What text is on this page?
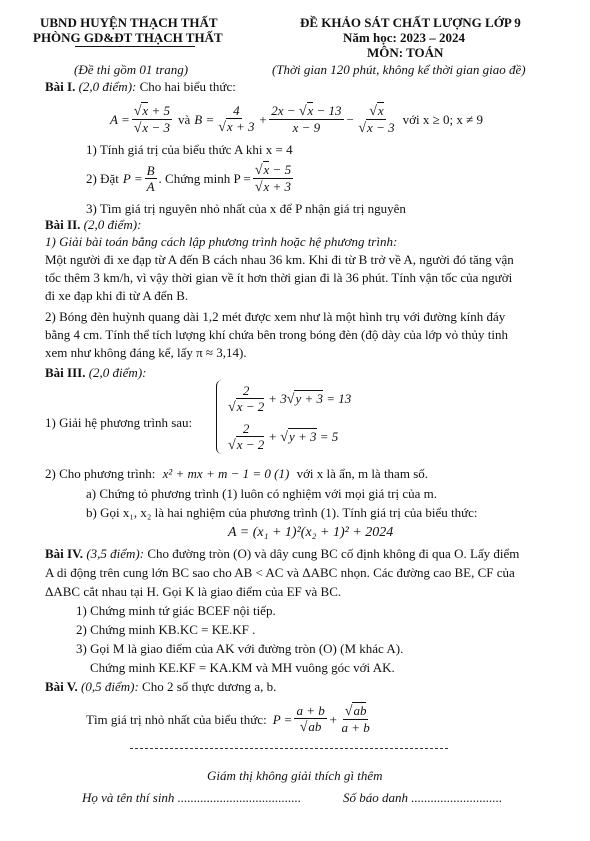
UBND HUYỆN THẠCH THẤT
PHÒNG GD&ĐT THẠCH THẤT
ĐỀ KHẢO SÁT CHẤT LƯỢNG LỚP 9
Năm học: 2023 – 2024
MÔN: TOÁN
(Đề thi gồm 01 trang)	(Thời gian 120 phút, không kể thời gian giao đề)
Bài I. (2,0 điểm): Cho hai biểu thức:
$A = \frac{√x + 5}{√x - 3}$ và $B = \frac{4}{√x + 3} + \frac{2x - √x - 13}{x - 9} - \frac{√x}{√x - 3}$ với x ≥ 0; x ≠ 9
1) Tính giá trị của biểu thức A khi x = 4
2) Đặt $P = \frac{B}{A}$ . Chứng minh $P = \frac{√x - 5}{√x + 3}$
3) Tìm giá trị nguyên nhỏ nhất của x để P nhận giá trị nguyên
Bài II. (2,0 điểm):
1) Giải bài toán bằng cách lập phương trình hoặc hệ phương trình:
Một người đi xe đạp từ A đến B cách nhau 36 km. Khi đi từ B trở về A, người đó tăng vận
tốc thêm 3 km/h, vì vậy thời gian về ít hơn thời gian đi là 36 phút. Tính vận tốc của người
đi xe đạp khi đi từ A đến B.
2) Bóng đèn huỳnh quang dài 1,2 mét được xem như là một hình trụ với đường kính đáy
bằng 4 cm. Tính thể tích lượng khí chứa bên trong bóng đèn (độ dày của lớp vỏ thủy tinh
xem như không đáng kể, lấy π ≈ 3,14).
Bài III. (2,0 điểm):
1) Giải hệ phương trình sau:
$\frac{2}{√x - 2} + 3√y + 3 = 13$
$\frac{2}{√x - 2} + √y + 3 = 5$
2) Cho phương trình: x² + mx + m − 1 = 0 (1) với x là ẩn, m là tham số.
a) Chứng tỏ phương trình (1) luôn có nghiệm với mọi giá trị của m.
b) Gọi x₁, x₂ là hai nghiệm của phương trình (1). Tính giá trị của biểu thức:
A = (x₁ + 1)²(x₂ + 1)² + 2024
Bài IV. (3,5 điểm): Cho đường tròn (O) và dây cung BC cố định không đi qua O. Lấy điểm
A di động trên cung lớn BC sao cho AB < AC và ΔABC nhọn. Các đường cao BE, CF của
ΔABC cắt nhau tại H. Gọi K là giao điểm của EF và BC.
1) Chứng minh tứ giác BCEF nội tiếp.
2) Chứng minh KB.KC = KE.KF .
3) Gọi M là giao điểm của AK với đường tròn (O) (M khác A).
Chứng minh KE.KF = KA.KM và MH vuông góc với AK.
Bài V. (0,5 điểm): Cho 2 số thực dương a, b.
Tìm giá trị nhỏ nhất của biểu thức: $P = \frac{a + b}{√ab} + \frac{√ab}{a + b}$
Giám thị không giải thích gì thêm
Họ và tên thí sinh ......................................	Số báo danh ............................
